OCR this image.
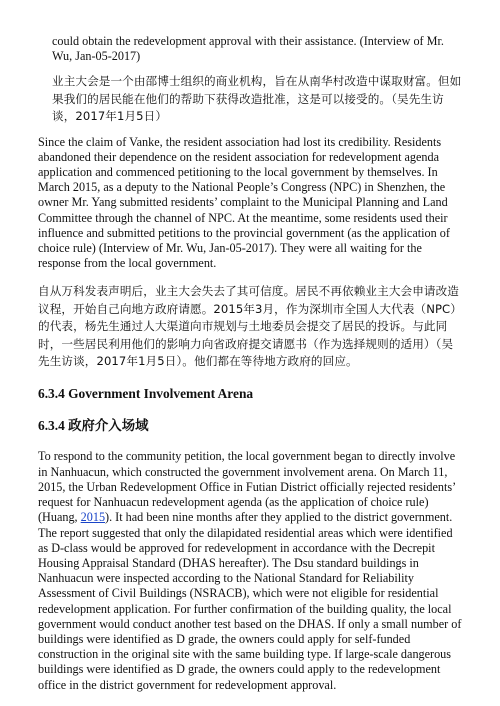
could obtain the redevelopment approval with their assistance. (Interview of Mr. Wu, Jan-05-2017)

业主大会是一个由邵博士组织的商业机构，旨在从南华村改造中谋取财富。但如果我们的居民能在他们的帮助下获得改造批准，这是可以接受的。（吴先生访谈，2017年1月5日）

Since the claim of Vanke, the resident association had lost its credibility. Residents abandoned their dependence on the resident association for redevelopment agenda application and commenced petitioning to the local government by themselves. In March 2015, as a deputy to the National People’s Congress (NPC) in Shenzhen, the owner Mr. Yang submitted residents’ complaint to the Municipal Planning and Land Committee through the channel of NPC. At the meantime, some residents used their influence and submitted petitions to the provincial government (as the application of choice rule) (Interview of Mr. Wu, Jan-05-2017). They were all waiting for the response from the local government.

自从万科发表声明后，业主大会失去了其可信度。居民不再依赖业主大会申请改造议程，开始自己向地方政府请愿。2015年3月，作为深圳市全国人大代表（NPC）的代表，杨先生通过人大渠道向市规划与土地委员会提交了居民的投诉。与此同时，一些居民利用他们的影响力向省政府提交请愿书（作为选择规则的适用）（吴先生访谈，2017年1月5日）。他们都在等待地方政府的回应。

6.3.4 Government Involvement Arena
6.3.4 政府介入场域

To respond to the community petition, the local government began to directly involve in Nanhuacun, which constructed the government involvement arena. On March 11, 2015, the Urban Redevelopment Office in Futian District officially rejected residents’ request for Nanhuacun redevelopment agenda (as the application of choice rule) (Huang, 2015). It had been nine months after they applied to the district government. The report suggested that only the dilapidated residential areas which were identified as D-class would be approved for redevelopment in accordance with the Decrepit Housing Appraisal Standard (DHAS hereafter). The Dsu standard buildings in Nanhuacun were inspected according to the National Standard for Reliability Assessment of Civil Buildings (NSRACB), which were not eligible for residential redevelopment application. For further confirmation of the building quality, the local government would conduct another test based on the DHAS. If only a small number of buildings were identified as D grade, the owners could apply for self-funded construction in the original site with the same building type. If large-scale dangerous buildings were identified as D grade, the owners could apply to the redevelopment office in the district government for redevelopment approval.
